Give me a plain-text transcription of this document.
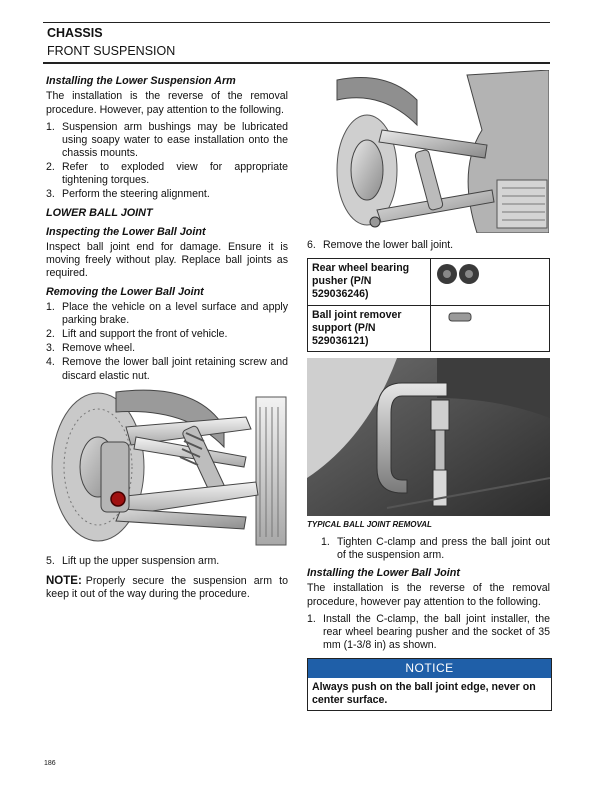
CHASSIS
FRONT SUSPENSION
Installing the Lower Suspension Arm

The installation is the reverse of the removal procedure. However, pay attention to the following.

1. Suspension arm bushings may be lubricated using soapy water to ease installation onto the chassis mounts.
2. Refer to exploded view for appropriate tightening torques.
3. Perform the steering alignment.
LOWER BALL JOINT
Inspecting the Lower Ball Joint

Inspect ball joint end for damage. Ensure it is moving freely without play. Replace ball joints as required.

Removing the Lower Ball Joint
1. Place the vehicle on a level surface and apply parking brake.
2. Lift and support the front of vehicle.
3. Remove wheel.
4. Remove the lower ball joint retaining screw and discard elastic nut.
5. Lift up the upper suspension arm.

NOTE: Properly secure the suspension arm to keep it out of the way during the procedure.

6. Remove the lower ball joint.
Rear wheel bearing pusher (P/N 529036246)	
Ball joint remover support (P/N 529036121)	
TYPICAL BALL JOINT REMOVAL
1. Tighten C-clamp and press the ball joint out of the suspension arm.
Installing the Lower Ball Joint

The installation is the reverse of the removal procedure, however pay attention to the following.

1. Install the C-clamp, the ball joint installer, the rear wheel bearing pusher and the socket of 35 mm (1-3/8 in) as shown.
NOTICE
Always push on the ball joint edge, never on center surface.
186
